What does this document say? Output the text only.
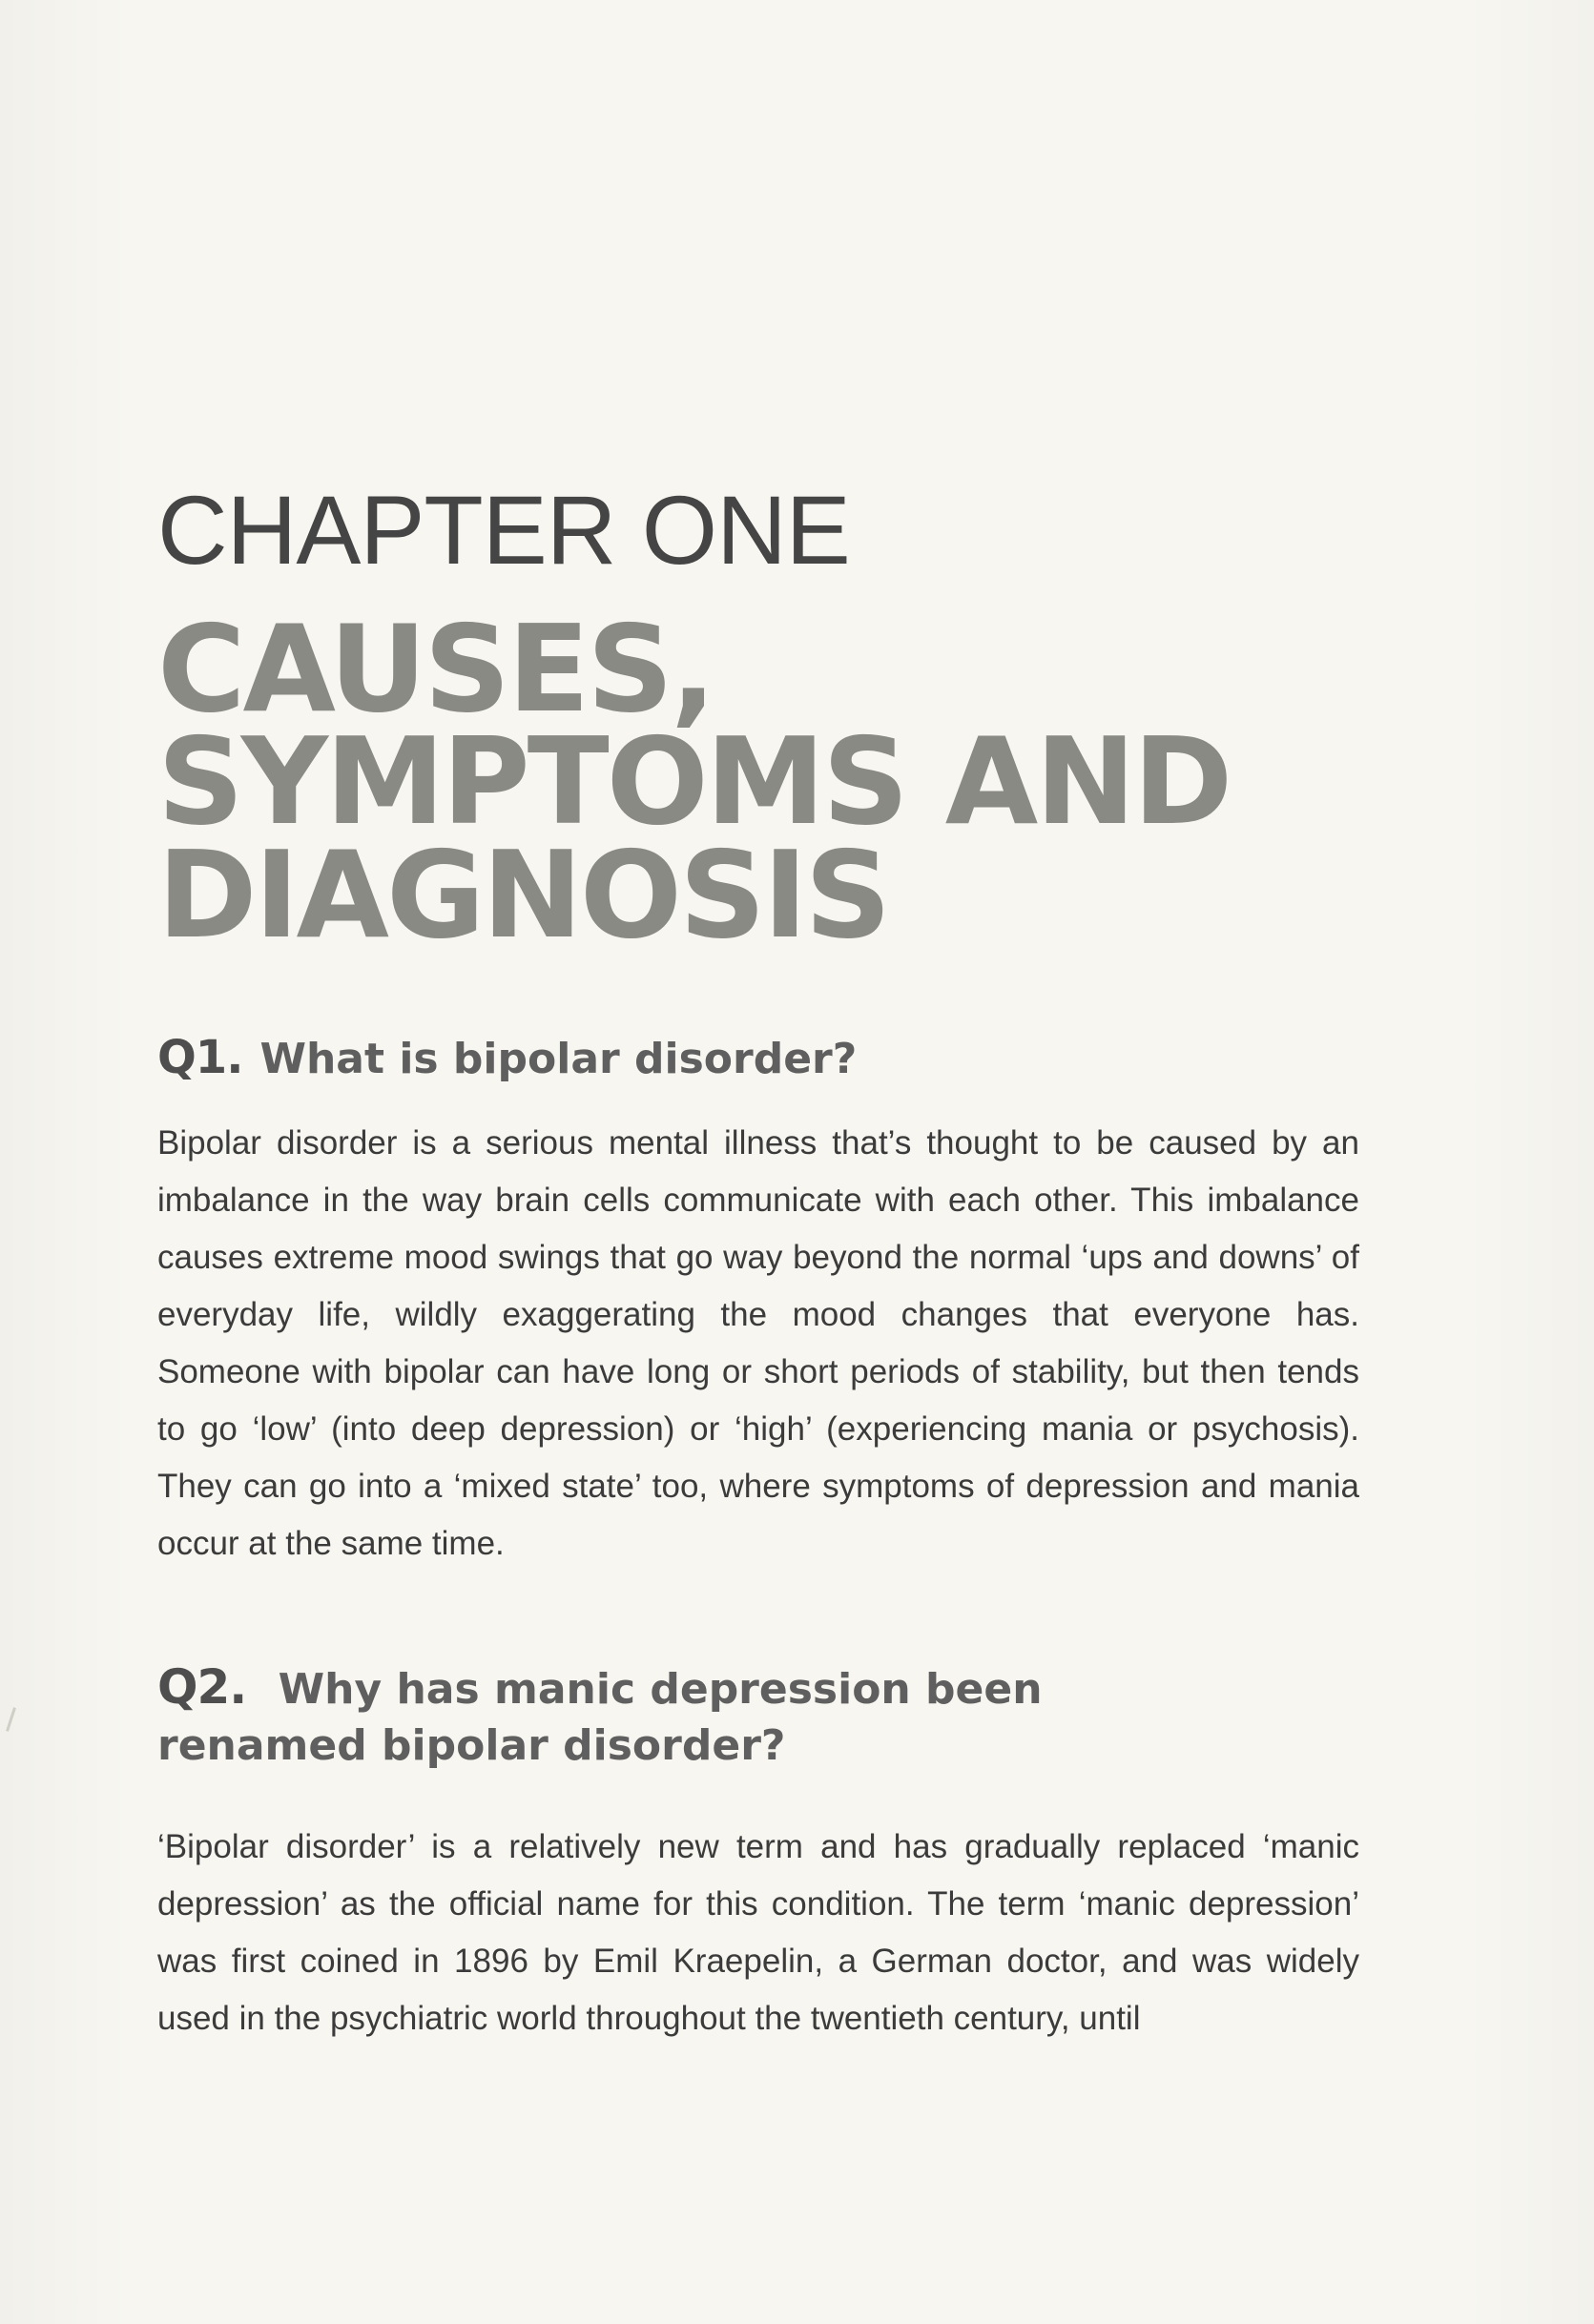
CHAPTER ONE
CAUSES,
SYMPTOMS AND
DIAGNOSIS
Q1. What is bipolar disorder?

Bipolar disorder is a serious mental illness that’s thought to be caused by an imbalance in the way brain cells communicate with each other. This imbalance causes extreme mood swings that go way beyond the normal ‘ups and downs’ of everyday life, wildly exaggerating the mood changes that everyone has. Someone with bipolar can have long or short periods of stability, but then tends to go ‘low’ (into deep depression) or ‘high’ (experiencing mania or psychosis). They can go into a ‘mixed state’ too, where symptoms of depression and mania occur at the same time.

Q2. Why has manic depression been renamed bipolar disorder?

‘Bipolar disorder’ is a relatively new term and has gradually replaced ‘manic depression’ as the official name for this condition. The term ‘manic depression’ was first coined in 1896 by Emil Kraepelin, a German doctor, and was widely used in the psychiatric world throughout the twentieth century, until
